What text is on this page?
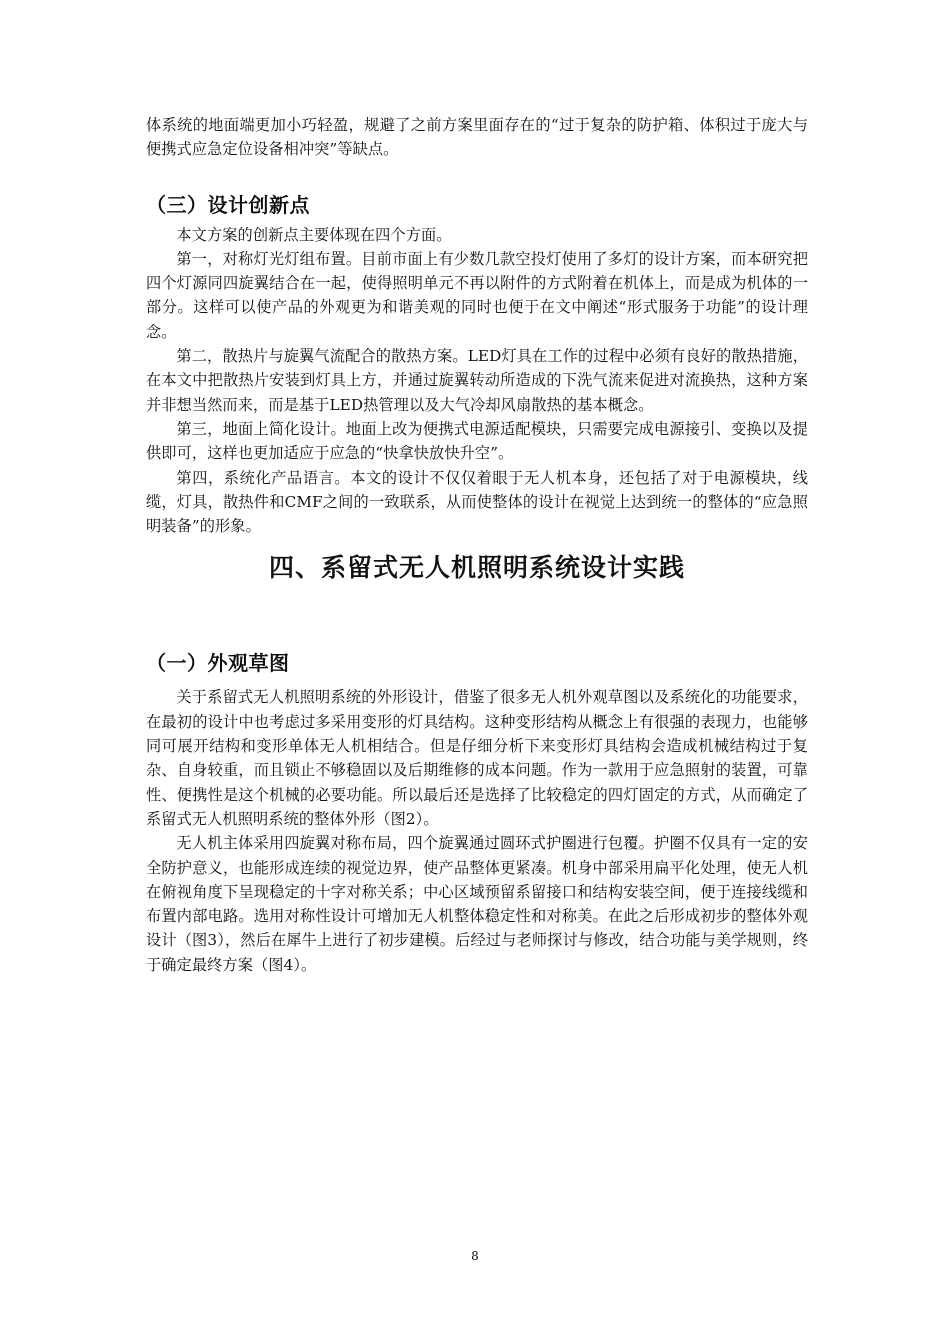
体系统的地面端更加小巧轻盈，规避了之前方案里面存在的“过于复杂的防护箱、体积过于庞大与便携式应急定位设备相冲突”等缺点。

（三）设计创新点

本文方案的创新点主要体现在四个方面。

第一，对称灯光灯组布置。目前市面上有少数几款空投灯使用了多灯的设计方案，而本研究把四个灯源同四旋翼结合在一起，使得照明单元不再以附件的方式附着在机体上，而是成为机体的一部分。这样可以使产品的外观更为和谐美观的同时也便于在文中阐述“形式服务于功能”的设计理念。

第二，散热片与旋翼气流配合的散热方案。LED灯具在工作的过程中必须有良好的散热措施，在本文中把散热片安装到灯具上方，并通过旋翼转动所造成的下洗气流来促进对流换热，这种方案并非想当然而来，而是基于LED热管理以及大气冷却风扇散热的基本概念。

第三，地面上简化设计。地面上改为便携式电源适配模块，只需要完成电源接引、变换以及提供即可，这样也更加适应于应急的“快拿快放快升空”。

第四，系统化产品语言。本文的设计不仅仅着眼于无人机本身，还包括了对于电源模块，线缆，灯具，散热件和CMF之间的一致联系，从而使整体的设计在视觉上达到统一的整体的“应急照明装备”的形象。

四、系留式无人机照明系统设计实践
（一）外观草图

关于系留式无人机照明系统的外形设计，借鉴了很多无人机外观草图以及系统化的功能要求，在最初的设计中也考虑过多采用变形的灯具结构。这种变形结构从概念上有很强的表现力，也能够同可展开结构和变形单体无人机相结合。但是仔细分析下来变形灯具结构会造成机械结构过于复杂、自身较重，而且锁止不够稳固以及后期维修的成本问题。作为一款用于应急照射的装置，可靠性、便携性是这个机械的必要功能。所以最后还是选择了比较稳定的四灯固定的方式，从而确定了系留式无人机照明系统的整体外形（图2）。

无人机主体采用四旋翼对称布局，四个旋翼通过圆环式护圈进行包覆。护圈不仅具有一定的安全防护意义，也能形成连续的视觉边界，使产品整体更紧凑。机身中部采用扁平化处理，使无人机在俯视角度下呈现稳定的十字对称关系；中心区域预留系留接口和结构安装空间，便于连接线缆和布置内部电路。选用对称性设计可增加无人机整体稳定性和对称美。在此之后形成初步的整体外观设计（图3），然后在犀牛上进行了初步建模。后经过与老师探讨与修改，结合功能与美学规则，终于确定最终方案（图4）。

8
